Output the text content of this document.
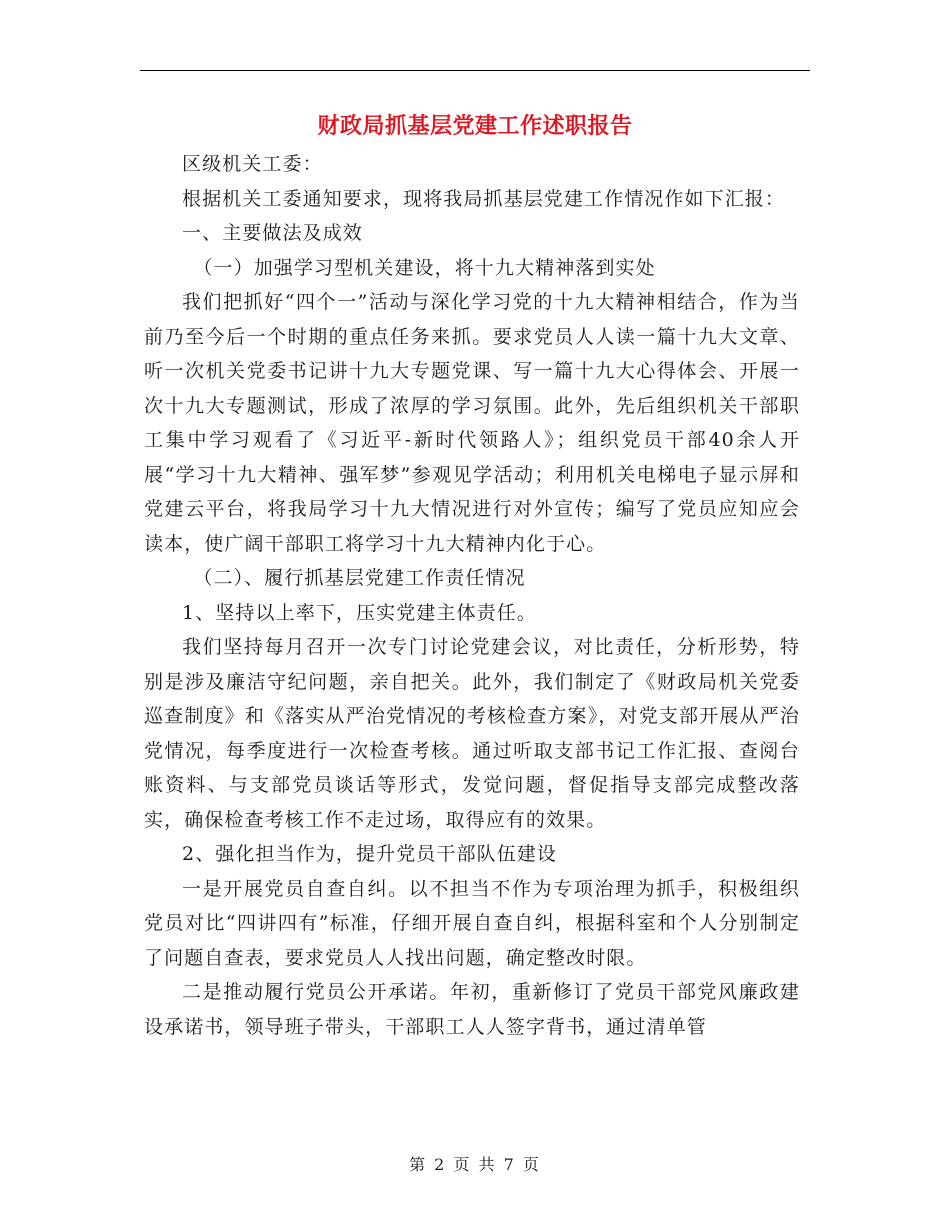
财政局抓基层党建工作述职报告

区级机关工委：

根据机关工委通知要求，现将我局抓基层党建工作情况作如下汇报：

一、主要做法及成效

（一）加强学习型机关建设，将十九大精神落到实处

我们把抓好“四个一”活动与深化学习党的十九大精神相结合，作为当前乃至今后一个时期的重点任务来抓。要求党员人人读一篇十九大文章、听一次机关党委书记讲十九大专题党课、写一篇十九大心得体会、开展一次十九大专题测试，形成了浓厚的学习氛围。此外，先后组织机关干部职工集中学习观看了《习近平-新时代领路人》；组织党员干部40余人开展“学习十九大精神、强军梦”参观见学活动；利用机关电梯电子显示屏和党建云平台，将我局学习十九大情况进行对外宣传；编写了党员应知应会读本，使广阔干部职工将学习十九大精神内化于心。

（二）、履行抓基层党建工作责任情况

1、坚持以上率下，压实党建主体责任。

我们坚持每月召开一次专门讨论党建会议，对比责任，分析形势，特别是涉及廉洁守纪问题，亲自把关。此外，我们制定了《财政局机关党委巡查制度》和《落实从严治党情况的考核检查方案》，对党支部开展从严治党情况，每季度进行一次检查考核。通过听取支部书记工作汇报、查阅台账资料、与支部党员谈话等形式，发觉问题，督促指导支部完成整改落实，确保检查考核工作不走过场，取得应有的效果。

2、强化担当作为，提升党员干部队伍建设

一是开展党员自查自纠。以不担当不作为专项治理为抓手，积极组织党员对比“四讲四有”标准，仔细开展自查自纠，根据科室和个人分别制定了问题自查表，要求党员人人找出问题，确定整改时限。

二是推动履行党员公开承诺。年初，重新修订了党员干部党风廉政建设承诺书，领导班子带头，干部职工人人签字背书，通过清单管

第 2 页 共 7 页
